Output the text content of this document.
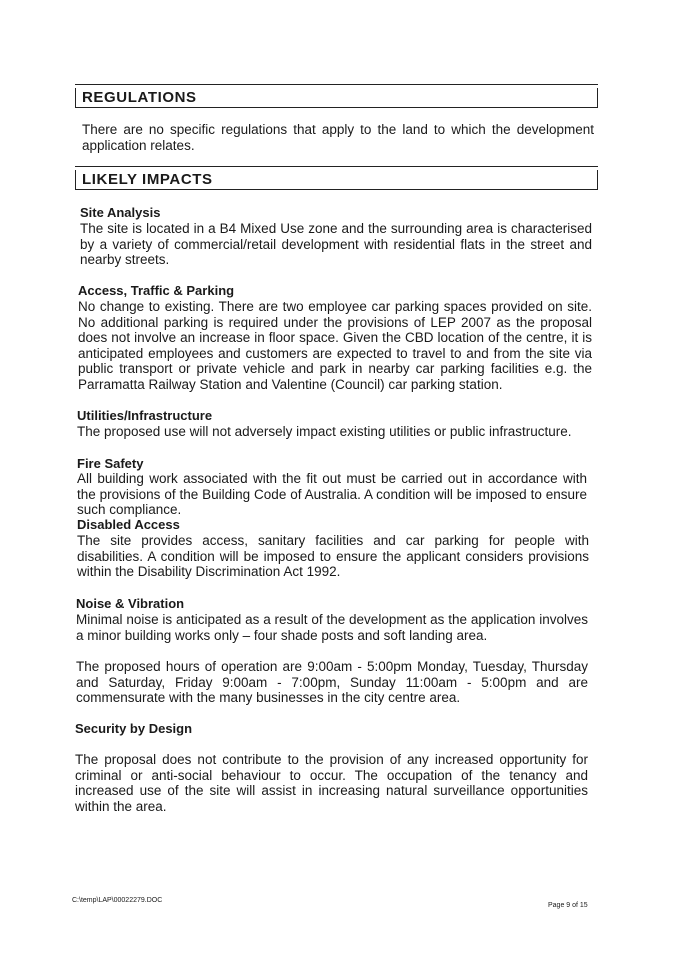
REGULATIONS

There are no specific regulations that apply to the land to which the development application relates.

LIKELY IMPACTS
Site Analysis

The site is located in a B4 Mixed Use zone and the surrounding area is characterised by a variety of commercial/retail development with residential flats in the street and nearby streets.

Access, Traffic & Parking

No change to existing. There are two employee car parking spaces provided on site. No additional parking is required under the provisions of LEP 2007 as the proposal does not involve an increase in floor space. Given the CBD location of the centre, it is anticipated employees and customers are expected to travel to and from the site via public transport or private vehicle and park in nearby car parking facilities e.g. the Parramatta Railway Station and Valentine (Council) car parking station.

Utilities/Infrastructure

The proposed use will not adversely impact existing utilities or public infrastructure.

Fire Safety

All building work associated with the fit out must be carried out in accordance with the provisions of the Building Code of Australia. A condition will be imposed to ensure such compliance.

Disabled Access

The site provides access, sanitary facilities and car parking for people with disabilities. A condition will be imposed to ensure the applicant considers provisions within the Disability Discrimination Act 1992.

Noise & Vibration

Minimal noise is anticipated as a result of the development as the application involves a minor building works only – four shade posts and soft landing area.

The proposed hours of operation are 9:00am - 5:00pm Monday, Tuesday, Thursday and Saturday, Friday 9:00am - 7:00pm, Sunday 11:00am - 5:00pm and are commensurate with the many businesses in the city centre area.

Security by Design

The proposal does not contribute to the provision of any increased opportunity for criminal or anti-social behaviour to occur. The occupation of the tenancy and increased use of the site will assist in increasing natural surveillance opportunities within the area.

C:\temp\LAP\00022279.DOC
Page 9 of 15
